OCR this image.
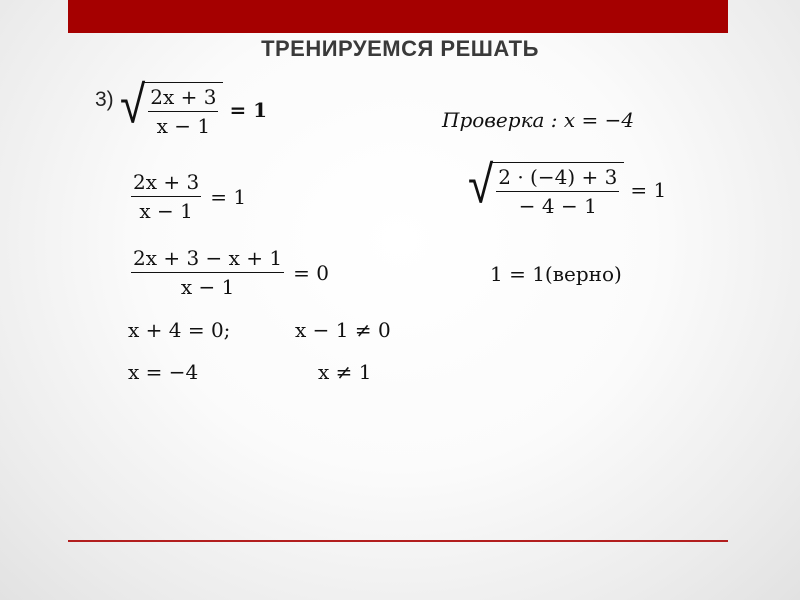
ТРЕНИРУЕМСЯ РЕШАТЬ
3) √ $\frac{2x + 3}{x - 1} = 1$
$\frac{2x + 3}{x - 1} = 1$
$\frac{2x + 3 - x + 1}{x - 1} = 0$
x + 4 = 0;	x − 1 ≠ 0
x = −4	x ≠ 1
Проверка : x = −4
√ $\frac{2 \cdot (-4) + 3}{- 4 - 1} = 1$
1 = 1(верно)
